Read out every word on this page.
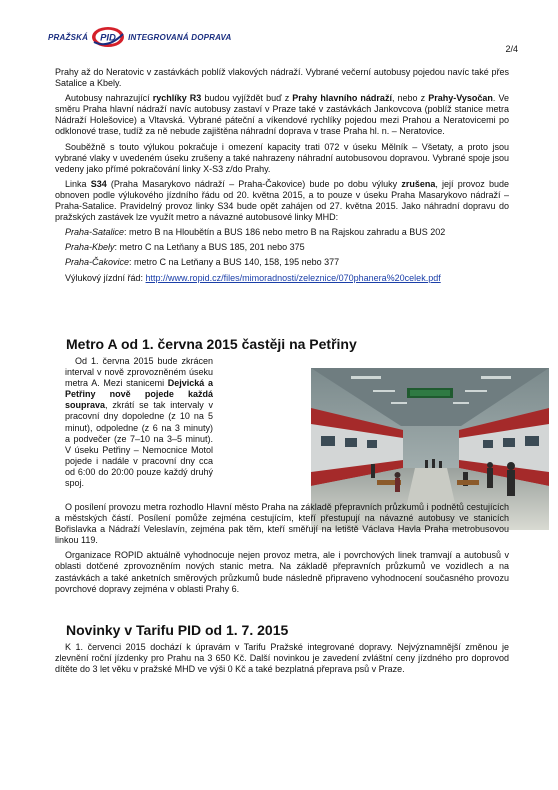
PRAŽSKÁ PID INTEGROVANÁ DOPRAVA
2/4

Prahy až do Neratovic v zastávkách poblíž vlakových nádraží. Vybrané večerní autobusy pojedou navíc také přes Satalice a Kbely.

Autobusy nahrazující rychlíky R3 budou vyjíždět buď z Prahy hlavního nádraží, nebo z Prahy-Vysočan. Ve směru Praha hlavní nádraží navíc autobusy zastaví v Praze také v zastávkách Jankovcova (poblíž stanice metra Nádraží Holešovice) a Vltavská. Vybrané páteční a víkendové rychlíky pojedou mezi Prahou a Neratovicemi po odklonové trase, tudíž za ně nebude zajištěna náhradní doprava v trase Praha hl. n. – Neratovice.

Souběžně s touto výlukou pokračuje i omezení kapacity trati 072 v úseku Mělník – Všetaty, a proto jsou vybrané vlaky v uvedeném úseku zrušeny a také nahrazeny náhradní autobusovou dopravou. Vybrané spoje jsou vedeny jako přímé pokračování linky X-S3 z/do Prahy.

Linka S34 (Praha Masarykovo nádraží – Praha-Čakovice) bude po dobu výluky zrušena, její provoz bude obnoven podle výlukového jízdního řádu od 20. května 2015, a to pouze v úseku Praha Masarykovo nádraží – Praha-Satalice. Pravidelný provoz linky S34 bude opět zahájen od 27. května 2015. Jako náhradní dopravu do pražských zastávek lze využít metro a návazné autobusové linky MHD:

Praha-Satalice: metro B na Hloubětín a BUS 186 nebo metro B na Rajskou zahradu a BUS 202
Praha-Kbely: metro C na Letňany a BUS 185, 201 nebo 375
Praha-Čakovice: metro C na Letňany a BUS 140, 158, 195 nebo 377
Výlukový jízdní řád: http://www.ropid.cz/files/mimoradnosti/zeleznice/070phanera%20celek.pdf
Metro A od 1. června 2015 častěji na Petřiny

Od 1. června 2015 bude zkrácen interval v nově zprovozněném úseku metra A. Mezi stanicemi Dejvická a Petřiny nově pojede každá souprava, zkrátí se tak intervaly v pracovní dny dopoledne (z 10 na 5 minut), odpoledne (z 6 na 3 minuty) a podvečer (ze 7–10 na 3–5 minut). V úseku Petřiny – Nemocnice Motol pojede i nadále v pracovní dny cca od 6:00 do 20:00 pouze každý druhý spoj.

O posílení provozu metra rozhodlo Hlavní město Praha na základě přepravních průzkumů i podnětů cestujících a městských částí. Posílení pomůže zejména cestujícím, kteří přestupují na návazné autobusy ve stanicích Bořislavka a Nádraží Veleslavín, zejména pak těm, kteří směřují na letiště Václava Havla Praha metrobusovou linkou 119.

Organizace ROPID aktuálně vyhodnocuje nejen provoz metra, ale i povrchových linek tramvají a autobusů v oblasti dotčené zprovozněním nových stanic metra. Na základě přepravních průzkumů ve vozidlech a na zastávkách a také anketních směrových průzkumů bude následně připraveno vyhodnocení současného provozu povrchové dopravy zejména v oblasti Prahy 6.

Novinky v Tarifu PID od 1. 7. 2015

K 1. červenci 2015 dochází k úpravám v Tarifu Pražské integrované dopravy. Nejvýznamnější změnou je zlevnění roční jízdenky pro Prahu na 3 650 Kč. Další novinkou je zavedení zvláštní ceny jízdného pro doprovod dítěte do 3 let věku v pražské MHD ve výši 0 Kč a také bezplatná přeprava psů v Praze.
